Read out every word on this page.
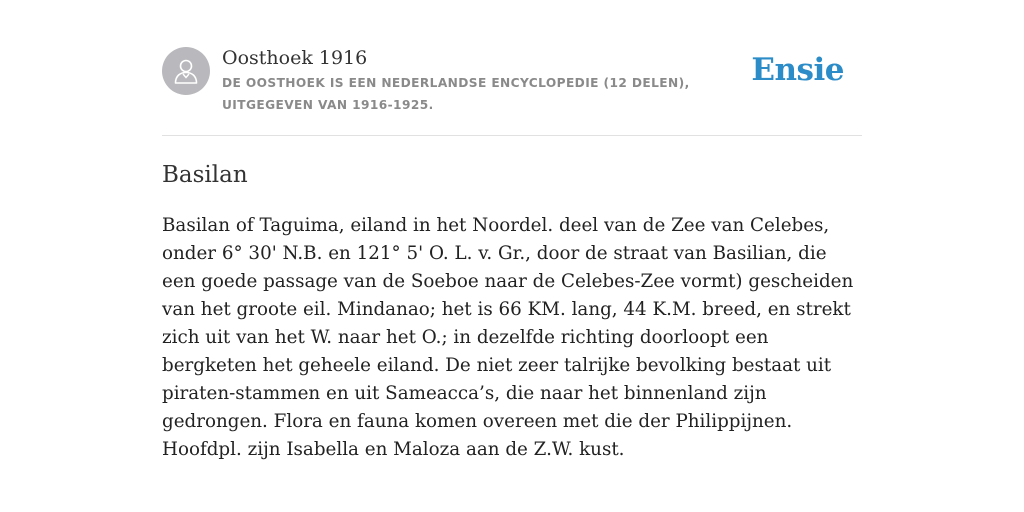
Oosthoek 1916
DE OOSTHOEK IS EEN NEDERLANDSE ENCYCLOPEDIE (12 DELEN), UITGEGEVEN VAN 1916-1925.
Ensie
Basilan

Basilan of Taguima, eiland in het Noordel. deel van de Zee van Celebes, onder 6° 30' N.B. en 121° 5' O. L. v. Gr., door de straat van Basilian, die een goede passage van de Soeboe naar de Celebes-Zee vormt) gescheiden van het groote eil. Mindanao; het is 66 KM. lang, 44 K.M. breed, en strekt zich uit van het W. naar het O.; in dezelfde richting doorloopt een bergketen het geheele eiland. De niet zeer talrijke bevolking bestaat uit piraten-stammen en uit Sameacca’s, die naar het binnenland zijn gedrongen. Flora en fauna komen overeen met die der Philippijnen. Hoofdpl. zijn Isabella en Maloza aan de Z.W. kust.
